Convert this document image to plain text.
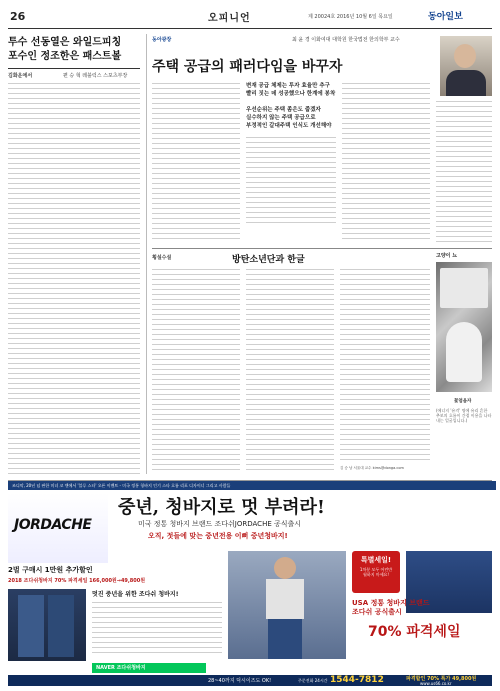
26	오피니언	제 20024호 2016년 10월 6일 목요일	동아일보
투수 선동열은 와일드피칭
포수인 정조한은 패스트볼
김화운에서	편 승 혁 레블럭스 스포츠부장
동아광장	최 윤 경 이화여대 대학원 한국법전 한의학부 교수
주택 공급의 패러다임을 바꾸자
변재 공급 체제는 투자 효율만 추구
빨리 짓는 데 성공했으나 한계에 봉착
우선순위는 주택 좀은도 줍겠자
실수하지 않는 주택 공급으로
부정적인 갈대주택 인식도 개선해야
횡설수설	방탄소년단과 한글
김 승 남 서울대 교수 kims@donga.com
고양이 뇨
꽃엄음자
(에너지 '유격' 명에 유리 흔한 추보의 흐름이 간접 이용을 나타내는 얼굴입니다.)
조디악, 20년 넘 판한 미녀 코 앤에서 '블루 스타' 오픈 이벤트 - 미국 정통 청바지 인기 스타 흐름 리포 디자이너 그리고 사람들
JORDACHE
중년, 청바지로 멋 부려라!
미국 정통 청바지 브랜드 조다쉬JORDACHE 공식출시
오직, 젓들에 맞는 중년전용 이뻐 중년청바지!
2벌 구매시 1만원 추가할인
2018 조다쉬청바지 70% 파격세일 166,000원→49,800원
멋진 중년을 위한 조다쉬 청바지!
특별세일!
1차분 모두 어린만
월하지 마세요!
USA 정통 청바지 브랜드
조다쉬 공식출시
70% 파격세일
NAVER 조다쉬청바지
28~40까지 딕시이즈도 OK!	주문전화 24시간 1544-7812	파격할인 70% 특가 49,800원
www.us66.co.kr
